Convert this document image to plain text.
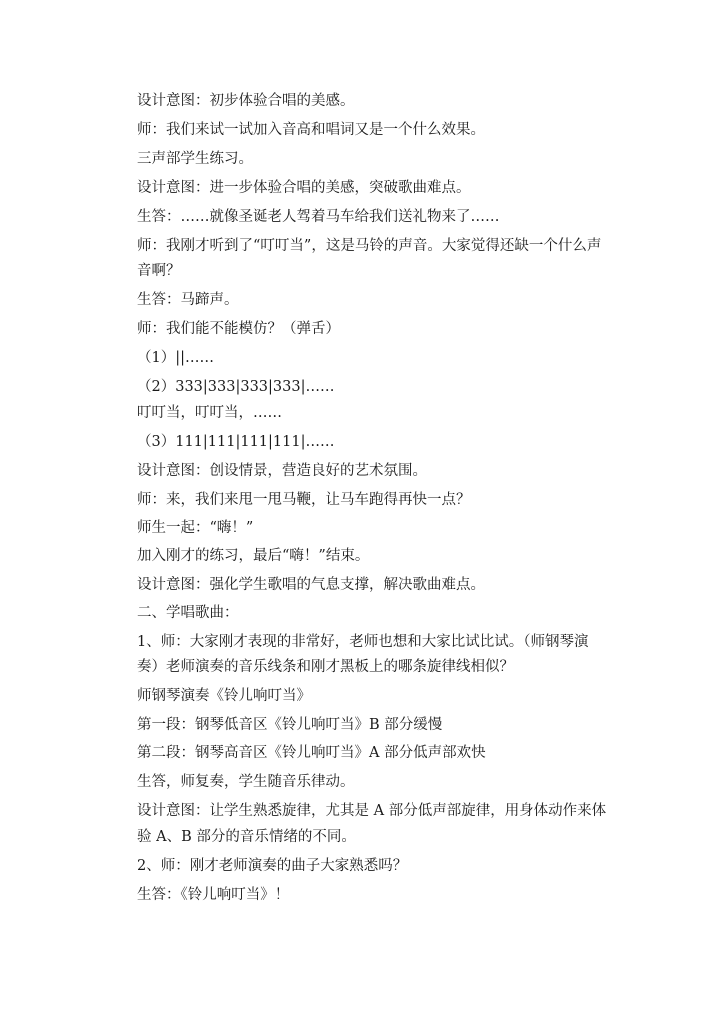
设计意图：初步体验合唱的美感。
师：我们来试一试加入音高和唱词又是一个什么效果。
三声部学生练习。
设计意图：进一步体验合唱的美感，突破歌曲难点。
生答：……就像圣诞老人驾着马车给我们送礼物来了……
师：我刚才听到了“叮叮当”，这是马铃的声音。大家觉得还缺一个什么声
音啊？
生答：马蹄声。
师：我们能不能模仿？（弹舌）
（1）||……
（2）333|333|333|333|……
叮叮当，叮叮当，……
（3）111|111|111|111|……
设计意图：创设情景，营造良好的艺术氛围。
师：来，我们来甩一甩马鞭，让马车跑得再快一点？
师生一起：“嗨！”
加入刚才的练习，最后“嗨！”结束。
设计意图：强化学生歌唱的气息支撑，解决歌曲难点。
二、学唱歌曲：
1、师：大家刚才表现的非常好，老师也想和大家比试比试。（师钢琴演
奏）老师演奏的音乐线条和刚才黑板上的哪条旋律线相似？
师钢琴演奏《铃儿响叮当》
第一段：钢琴低音区《铃儿响叮当》B 部分缓慢
第二段：钢琴高音区《铃儿响叮当》A 部分低声部欢快
生答，师复奏，学生随音乐律动。
设计意图：让学生熟悉旋律，尤其是 A 部分低声部旋律，用身体动作来体
验 A、B 部分的音乐情绪的不同。
2、师：刚才老师演奏的曲子大家熟悉吗？
生答：《铃儿响叮当》！
